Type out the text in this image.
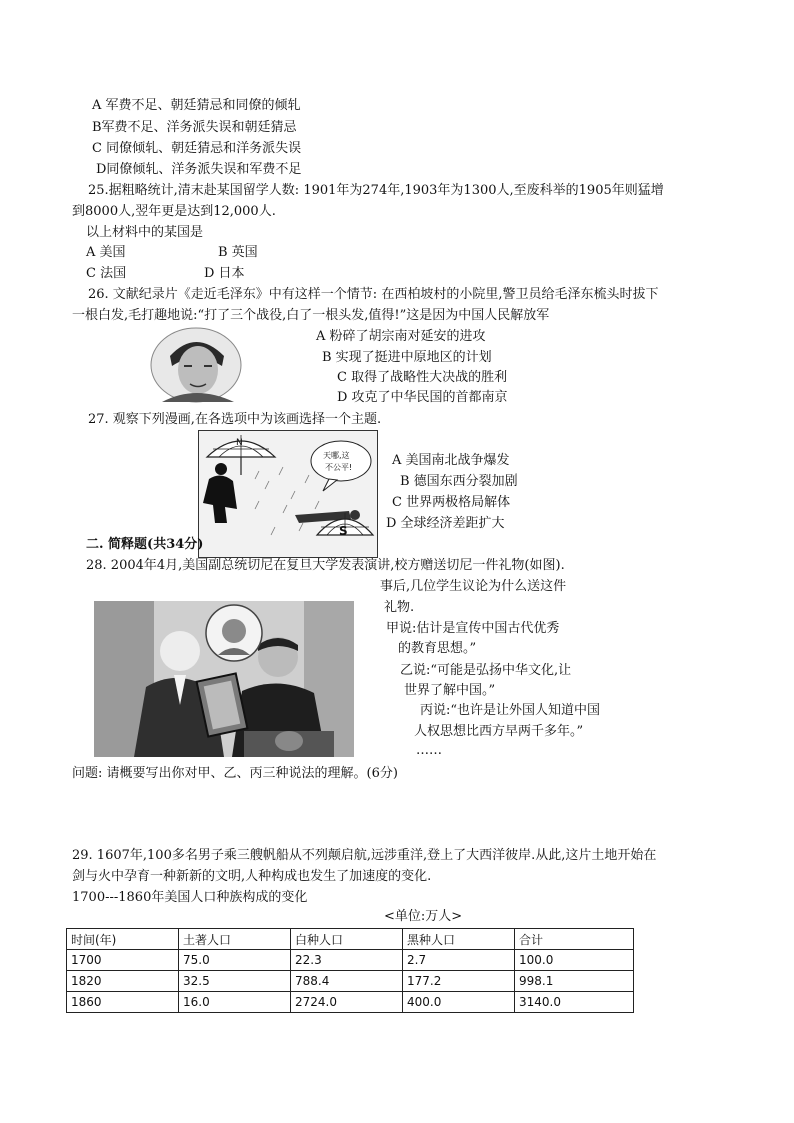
A 军费不足、朝廷猜忌和同僚的倾轧
B军费不足、洋务派失误和朝廷猜忌
C 同僚倾轧、朝廷猜忌和洋务派失误
D同僚倾轧、洋务派失误和军费不足
25.据粗略统计,清末赴某国留学人数: 1901年为274年,1903年为1300人,至废科举的1905年则猛增
到8000人,翌年更是达到12,000人.
以上材料中的某国是
A 美国	B 英国
C 法国	D 日本
26. 文献纪录片《走近毛泽东》中有这样一个情节: 在西柏坡村的小院里,警卫员给毛泽东梳头时拔下
一根白发,毛打趣地说:“打了三个战役,白了一根头发,值得!”这是因为中国人民解放军
A 粉碎了胡宗南对延安的进攻
B 实现了挺进中原地区的计划
C 取得了战略性大决战的胜利
D 攻克了中华民国的首都南京
27. 观察下列漫画,在各选项中为该画选择一个主题.
N
天哪,这
不公平!
S
A 美国南北战争爆发
B 德国东西分裂加剧
C 世界两极格局解体
D 全球经济差距扩大
二. 简释题(共34分)
28. 2004年4月,美国副总统切尼在复旦大学发表演讲,校方赠送切尼一件礼物(如图).
事后,几位学生议论为什么送这件
礼物.
甲说:估计是宣传中国古代优秀
的教育思想。”
乙说:“可能是弘扬中华文化,让
世界了解中国。”
丙说:“也许是让外国人知道中国
人权思想比西方早两千多年。”
……
问题: 请概要写出你对甲、乙、丙三种说法的理解。(6分)
29. 1607年,100多名男子乘三艘帆船从不列颠启航,远涉重洋,登上了大西洋彼岸.从此,这片土地开始在
剑与火中孕育一种新新的文明,人种构成也发生了加速度的变化.
1700---1860年美国人口种族构成的变化
<单位:万人>
时间(年)	土著人口	白种人口	黑种人口	合计
1700	75.0	22.3	2.7	100.0
1820	32.5	788.4	177.2	998.1
1860	16.0	2724.0	400.0	3140.0
